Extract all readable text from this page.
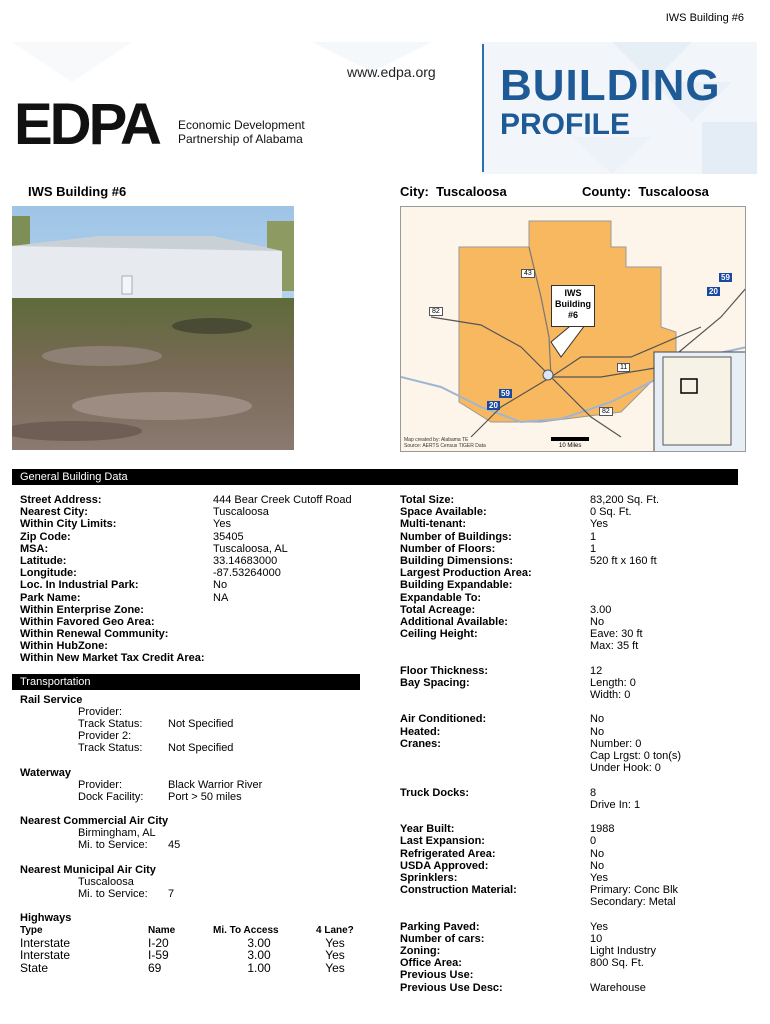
IWS Building #6
www.edpa.org
EDPA Economic Development
Partnership of Alabama
BUILDING
PROFILE
IWS Building #6	City: Tuscaloosa	County: Tuscaloosa
IWS
Building
#6
43
82
59
20
11
59
20
82
10 Miles
Map created by: Alabama TE
Source: AERTS Census TIGER Data
General Building Data
Street Address:	444 Bear Creek Cutoff Road
Nearest City:	Tuscaloosa
Within City Limits:	Yes
Zip Code:	35405
MSA:	Tuscaloosa, AL
Latitude:	33.14683000
Longitude:	-87.53264000
Loc. In Industrial Park:	No
Park Name:	NA
Within Enterprise Zone:
Within Favored Geo Area:
Within Renewal Community:
Within HubZone:
Within New Market Tax Credit Area:
Total Size:	83,200 Sq. Ft.
Space Available:	0 Sq. Ft.
Multi-tenant:	Yes
Number of Buildings:	1
Number of Floors:	1
Building Dimensions:	520 ft x 160 ft
Largest Production Area:
Building Expandable:
Expandable To:
Total Acreage:	3.00
Additional Available:	No
Ceiling Height:	Eave: 30 ft
Max: 35 ft
Floor Thickness:	12
Bay Spacing:	Length: 0
Width: 0
Air Conditioned:	No
Heated:	No
Cranes:	Number: 0
Cap Lrgst: 0 ton(s)
Under Hook: 0
Truck Docks:	8
Drive In: 1
Year Built:	1988
Last Expansion:	0
Refrigerated Area:	No
USDA Approved:	No
Sprinklers:	Yes
Construction Material:	Primary: Conc Blk
Secondary: Metal
Parking Paved:	Yes
Number of cars:	10
Zoning:	Light Industry
Office Area:	800 Sq. Ft.
Previous Use:
Previous Use Desc:	Warehouse
Transportation
Rail Service
Provider:
Track Status: Not Specified
Provider 2:
Track Status: Not Specified
Waterway
Provider:	Black Warrior River
Dock Facility: Port > 50 miles
Nearest Commercial Air City
Birmingham, AL
Mi. to Service: 45
Nearest Municipal Air City
Tuscaloosa
Mi. to Service: 7
Highways
Type	Name	Mi. To Access	4 Lane?
Interstate	I-20	3.00	Yes
Interstate	I-59	3.00	Yes
State	69	1.00	Yes
